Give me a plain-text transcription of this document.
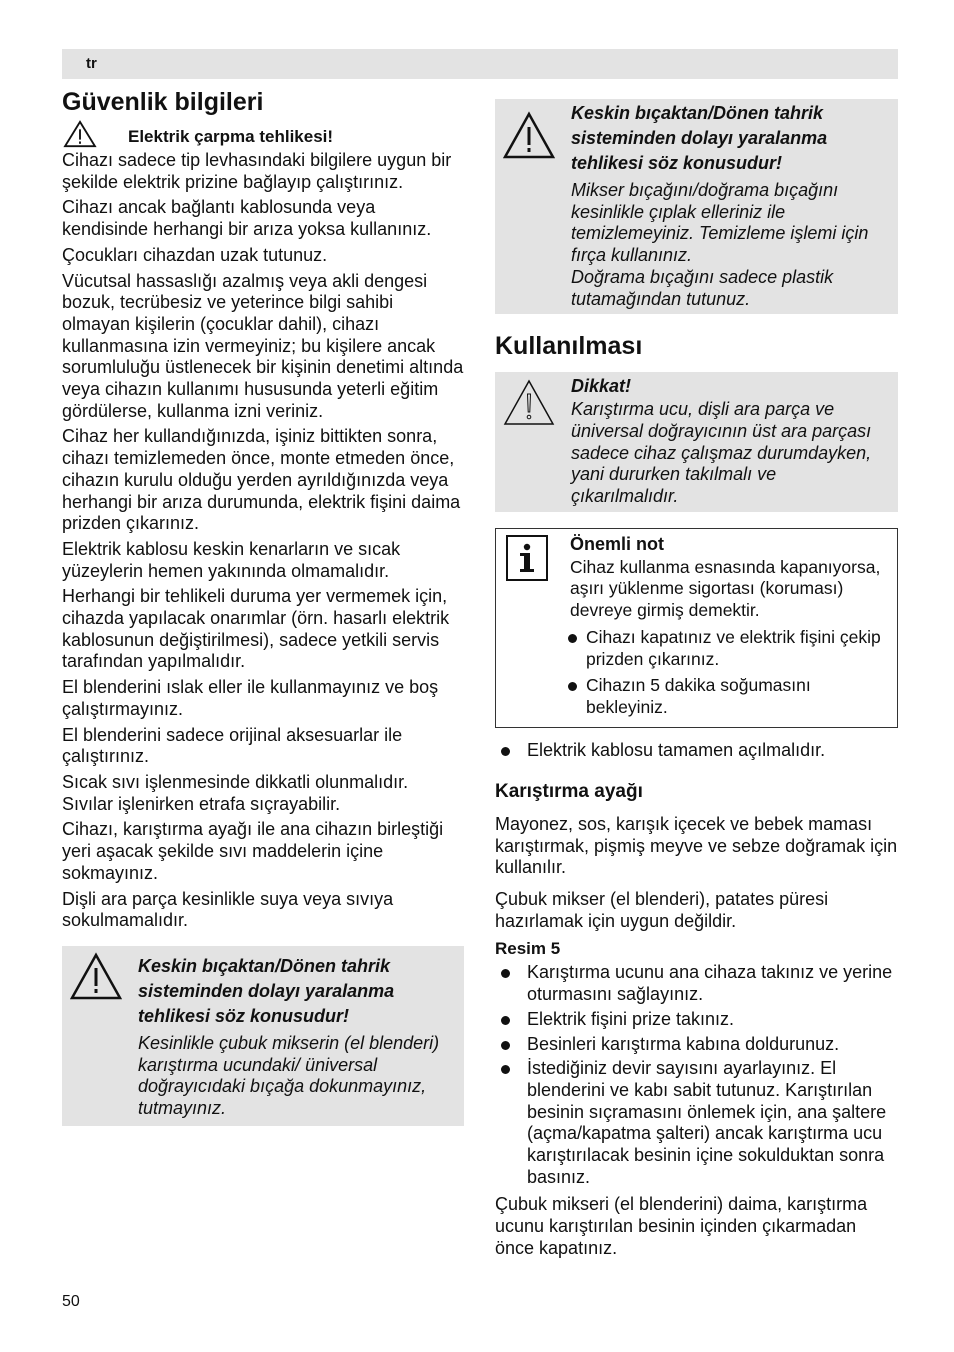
tr
Güvenlik bilgileri
Elektrik çarpma tehlikesi!

Cihazı sadece tip levhasındaki bilgilere uygun bir şekilde elektrik prizine bağlayıp çalıştırınız.

Cihazı ancak bağlantı kablosunda veya kendisinde herhangi bir arıza yoksa kullanınız.

Çocukları cihazdan uzak tutunuz.

Vücutsal hassaslığı azalmış veya akli dengesi bozuk, tecrübesiz ve yeterince bilgi sahibi olmayan kişilerin (çocuklar dahil), cihazı kullanmasına izin vermeyiniz; bu kişilere ancak sorumluluğu üstlenecek bir kişinin denetimi altında veya cihazın kullanımı hususunda yeterli eğitim gördülerse, kullanma izni veriniz.

Cihaz her kullandığınızda, işiniz bittikten sonra, cihazı temizlemeden önce, monte etmeden önce, cihazın kurulu olduğu yerden ayrıldığınızda veya herhangi bir arıza durumunda, elektrik fişini daima prizden çıkarınız.

Elektrik kablosu keskin kenarların ve sıcak yüzeylerin hemen yakınında olmamalıdır.

Herhangi bir tehlikeli duruma yer vermemek için, cihazda yapılacak onarımlar (örn. hasarlı elektrik kablosunun değiştirilmesi), sadece yetkili servis tarafından yapılmalıdır.

El blenderini ıslak eller ile kullanmayınız ve boş çalıştırmayınız.

El blenderini sadece orijinal aksesuarlar ile çalıştırınız.

Sıcak sıvı işlenmesinde dikkatli olunmalıdır. Sıvılar işlenirken etrafa sıçrayabilir.

Cihazı, karıştırma ayağı ile ana cihazın birleştiği yeri aşacak şekilde sıvı maddelerin içine sokmayınız.

Dişli ara parça kesinlikle suya veya sıvıya sokulmamalıdır.

Keskin bıçaktan/Dönen tahrik sisteminden dolayı yaralanma tehlikesi söz konusudur!
Kesinlikle çubuk mikserin (el blenderi) karıştırma ucundaki/ üniversal doğrayıcıdaki bıçağa dokunmayınız, tutmayınız.
Keskin bıçaktan/Dönen tahrik sisteminden dolayı yaralanma tehlikesi söz konusudur!
Mikser bıçağını/doğrama bıçağını kesinlikle çıplak elleriniz ile temizlemeyiniz. Temizleme işlemi için fırça kullanınız.
Doğrama bıçağını sadece plastik tutamağından tutunuz.
Kullanılması
Dikkat!
Karıştırma ucu, dişli ara parça ve üniversal doğrayıcının üst ara parçası sadece cihaz çalışmaz durumdayken, yani dururken takılmalı ve çıkarılmalıdır.
Önemli not
Cihaz kullanma esnasında kapanıyorsa, aşırı yüklenme sigortası (koruması) devreye girmiş demektir.
Cihazı kapatınız ve elektrik fişini çekip prizden çıkarınız.
Cihazın 5 dakika soğumasını bekleyiniz.
Elektrik kablosu tamamen açılmalıdır.
Karıştırma ayağı

Mayonez, sos, karışık içecek ve bebek maması karıştırmak, pişmiş meyve ve sebze doğramak için kullanılır.

Çubuk mikser (el blenderi), patates püresi hazırlamak için uygun değildir.

Resim 5
Karıştırma ucunu ana cihaza takınız ve yerine oturmasını sağlayınız.
Elektrik fişini prize takınız.
Besinleri karıştırma kabına doldurunuz.
İstediğiniz devir sayısını ayarlayınız. El blenderini ve kabı sabit tutunuz. Karıştırılan besinin sıçramasını önlemek için, ana şaltere (açma/kapatma şalteri) ancak karıştırma ucu karıştırılacak besinin içine sokulduktan sonra basınız.

Çubuk mikseri (el blenderini) daima, karıştırma ucunu karıştırılan besinin içinden çıkarmadan önce kapatınız.

50
